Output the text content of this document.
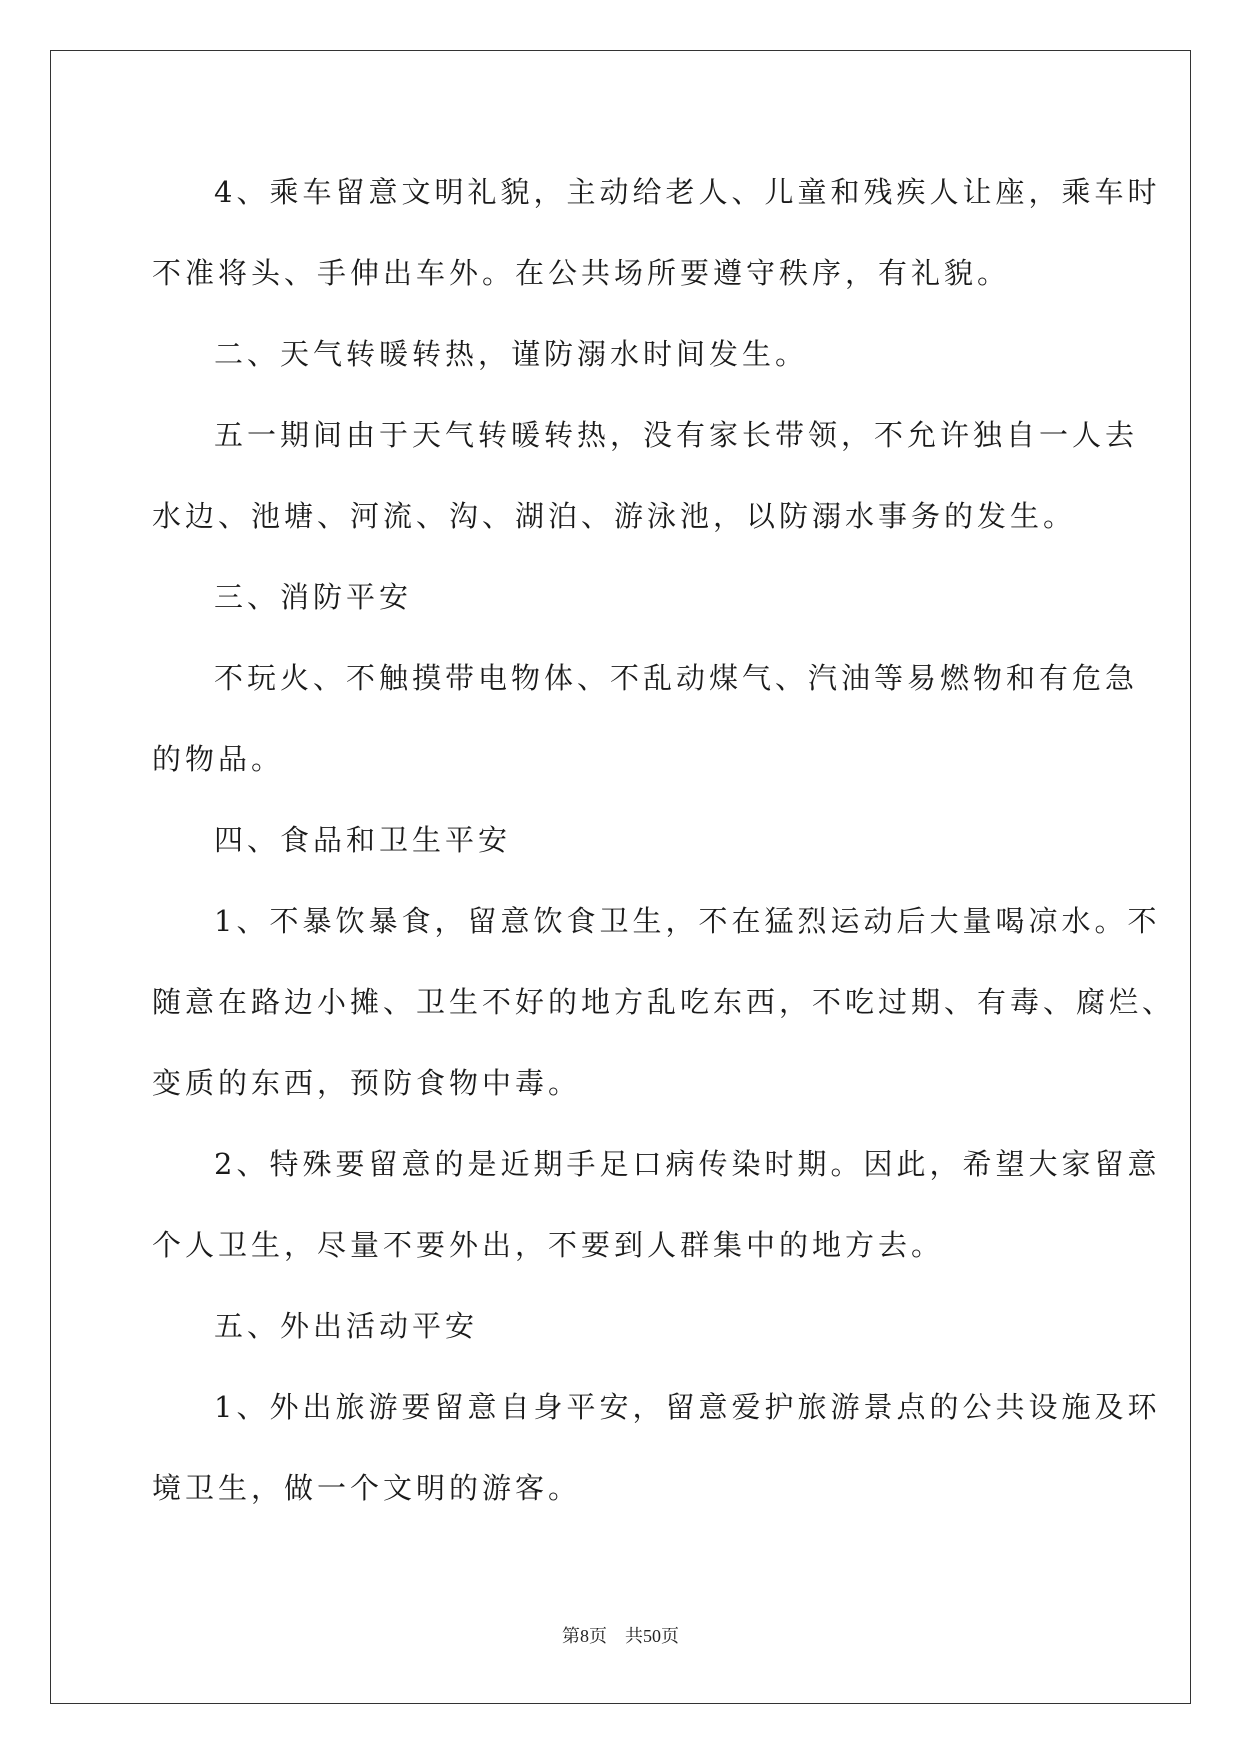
4、乘车留意文明礼貌，主动给老人、儿童和残疾人让座，乘车时
不准将头、手伸出车外。在公共场所要遵守秩序，有礼貌。
二、天气转暖转热，谨防溺水时间发生。
五一期间由于天气转暖转热，没有家长带领，不允许独自一人去
水边、池塘、河流、沟、湖泊、游泳池，以防溺水事务的发生。
三、消防平安
不玩火、不触摸带电物体、不乱动煤气、汽油等易燃物和有危急
的物品。
四、食品和卫生平安
1、不暴饮暴食，留意饮食卫生，不在猛烈运动后大量喝凉水。不
随意在路边小摊、卫生不好的地方乱吃东西，不吃过期、有毒、腐烂、
变质的东西，预防食物中毒。
2、特殊要留意的是近期手足口病传染时期。因此，希望大家留意
个人卫生，尽量不要外出，不要到人群集中的地方去。
五、外出活动平安
1、外出旅游要留意自身平安，留意爱护旅游景点的公共设施及环
境卫生，做一个文明的游客。
第8页 共50页
